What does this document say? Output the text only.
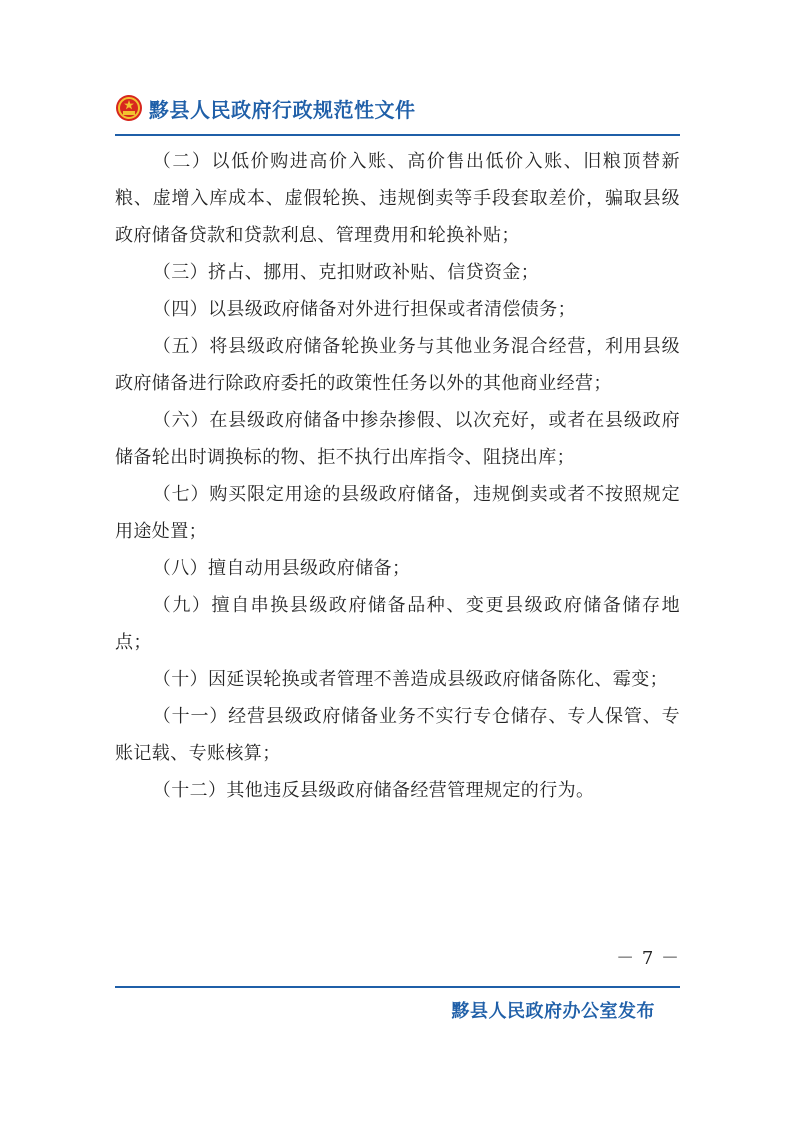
黟县人民政府行政规范性文件

（二）以低价购进高价入账、高价售出低价入账、旧粮顶替新粮、虚增入库成本、虚假轮换、违规倒卖等手段套取差价，骗取县级政府储备贷款和贷款利息、管理费用和轮换补贴；

（三）挤占、挪用、克扣财政补贴、信贷资金；

（四）以县级政府储备对外进行担保或者清偿债务；

（五）将县级政府储备轮换业务与其他业务混合经营，利用县级政府储备进行除政府委托的政策性任务以外的其他商业经营；

（六）在县级政府储备中掺杂掺假、以次充好，或者在县级政府储备轮出时调换标的物、拒不执行出库指令、阻挠出库；

（七）购买限定用途的县级政府储备，违规倒卖或者不按照规定用途处置；

（八）擅自动用县级政府储备；

（九）擅自串换县级政府储备品种、变更县级政府储备储存地点；

（十）因延误轮换或者管理不善造成县级政府储备陈化、霉变；

（十一）经营县级政府储备业务不实行专仓储存、专人保管、专账记载、专账核算；

（十二）其他违反县级政府储备经营管理规定的行为。

－ 7 －
黟县人民政府办公室发布
